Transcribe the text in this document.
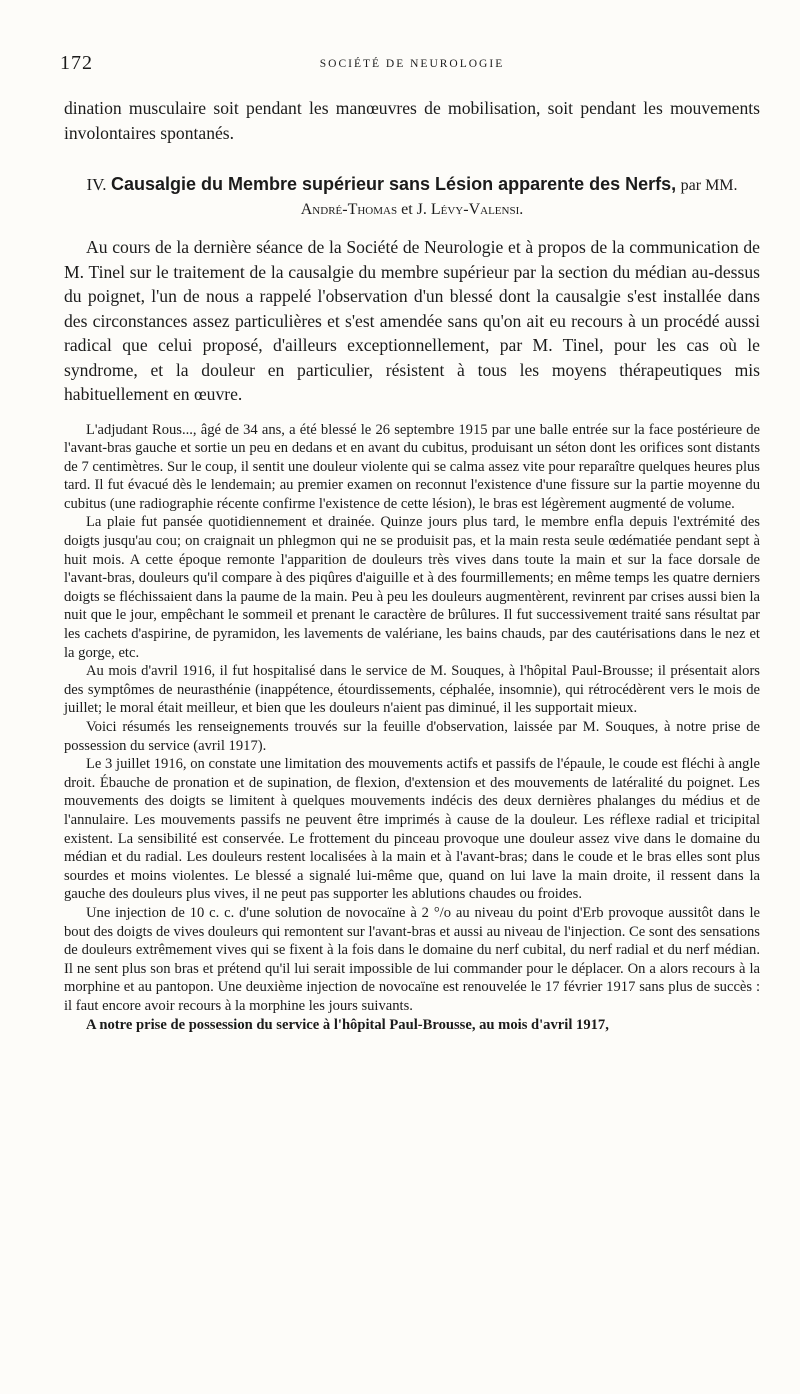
172	SOCIÉTÉ DE NEUROLOGIE

dination musculaire soit pendant les manœuvres de mobilisation, soit pendant les mouvements involontaires spontanés.

IV. Causalgie du Membre supérieur sans Lésion apparente des Nerfs, par MM. André-Thomas et J. Lévy-Valensi.

Au cours de la dernière séance de la Société de Neurologie et à propos de la communication de M. Tinel sur le traitement de la causalgie du membre supérieur par la section du médian au-dessus du poignet, l'un de nous a rappelé l'observation d'un blessé dont la causalgie s'est installée dans des circonstances assez particulières et s'est amendée sans qu'on ait eu recours à un procédé aussi radical que celui proposé, d'ailleurs exceptionnellement, par M. Tinel, pour les cas où le syndrome, et la douleur en particulier, résistent à tous les moyens thérapeutiques mis habituellement en œuvre.

L'adjudant Rous..., âgé de 34 ans, a été blessé le 26 septembre 1915 par une balle entrée sur la face postérieure de l'avant-bras gauche et sortie un peu en dedans et en avant du cubitus, produisant un séton dont les orifices sont distants de 7 centimètres. Sur le coup, il sentit une douleur violente qui se calma assez vite pour reparaître quelques heures plus tard. Il fut évacué dès le lendemain; au premier examen on reconnut l'existence d'une fissure sur la partie moyenne du cubitus (une radiographie récente confirme l'existence de cette lésion), le bras est légèrement augmenté de volume.

La plaie fut pansée quotidiennement et drainée. Quinze jours plus tard, le membre enfla depuis l'extrémité des doigts jusqu'au cou; on craignait un phlegmon qui ne se produisit pas, et la main resta seule œdématiée pendant sept à huit mois. A cette époque remonte l'apparition de douleurs très vives dans toute la main et sur la face dorsale de l'avant-bras, douleurs qu'il compare à des piqûres d'aiguille et à des fourmillements; en même temps les quatre derniers doigts se fléchissaient dans la paume de la main. Peu à peu les douleurs augmentèrent, revinrent par crises aussi bien la nuit que le jour, empêchant le sommeil et prenant le caractère de brûlures. Il fut successivement traité sans résultat par les cachets d'aspirine, de pyramidon, les lavements de valériane, les bains chauds, par des cautérisations dans le nez et la gorge, etc.

Au mois d'avril 1916, il fut hospitalisé dans le service de M. Souques, à l'hôpital Paul-Brousse; il présentait alors des symptômes de neurasthénie (inappétence, étourdissements, céphalée, insomnie), qui rétrocédèrent vers le mois de juillet; le moral était meilleur, et bien que les douleurs n'aient pas diminué, il les supportait mieux.

Voici résumés les renseignements trouvés sur la feuille d'observation, laissée par M. Souques, à notre prise de possession du service (avril 1917).

Le 3 juillet 1916, on constate une limitation des mouvements actifs et passifs de l'épaule, le coude est fléchi à angle droit. Ébauche de pronation et de supination, de flexion, d'extension et des mouvements de latéralité du poignet. Les mouvements des doigts se limitent à quelques mouvements indécis des deux dernières phalanges du médius et de l'annulaire. Les mouvements passifs ne peuvent être imprimés à cause de la douleur. Les réflexe radial et tricipital existent. La sensibilité est conservée. Le frottement du pinceau provoque une douleur assez vive dans le domaine du médian et du radial. Les douleurs restent localisées à la main et à l'avant-bras; dans le coude et le bras elles sont plus sourdes et moins violentes. Le blessé a signalé lui-même que, quand on lui lave la main droite, il ressent dans la gauche des douleurs plus vives, il ne peut pas supporter les ablutions chaudes ou froides.

Une injection de 10 c. c. d'une solution de novocaïne à 2 °/o au niveau du point d'Erb provoque aussitôt dans le bout des doigts de vives douleurs qui remontent sur l'avant-bras et aussi au niveau de l'injection. Ce sont des sensations de douleurs extrêmement vives qui se fixent à la fois dans le domaine du nerf cubital, du nerf radial et du nerf médian. Il ne sent plus son bras et prétend qu'il lui serait impossible de lui commander pour le déplacer. On a alors recours à la morphine et au pantopon. Une deuxième injection de novocaïne est renouvelée le 17 février 1917 sans plus de succès : il faut encore avoir recours à la morphine les jours suivants.

A notre prise de possession du service à l'hôpital Paul-Brousse, au mois d'avril 1917,
